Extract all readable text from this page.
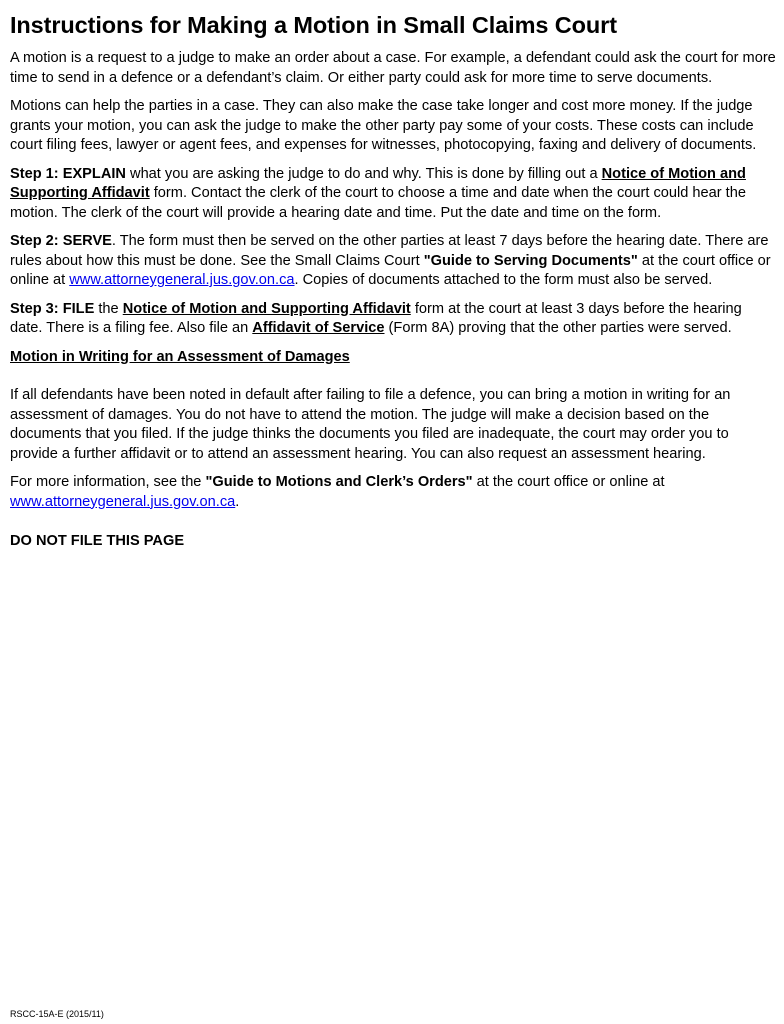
Instructions for Making a Motion in Small Claims Court

A motion is a request to a judge to make an order about a case. For example, a defendant could ask the court for more time to send in a defence or a defendant’s claim. Or either party could ask for more time to serve documents.

Motions can help the parties in a case. They can also make the case take longer and cost more money. If the judge grants your motion, you can ask the judge to make the other party pay some of your costs. These costs can include court filing fees, lawyer or agent fees, and expenses for witnesses, photocopying, faxing and delivery of documents.

Step 1: EXPLAIN what you are asking the judge to do and why. This is done by filling out a Notice of Motion and Supporting Affidavit form. Contact the clerk of the court to choose a time and date when the court could hear the motion. The clerk of the court will provide a hearing date and time. Put the date and time on the form.

Step 2: SERVE. The form must then be served on the other parties at least 7 days before the hearing date. There are rules about how this must be done. See the Small Claims Court "Guide to Serving Documents" at the court office or online at www.attorneygeneral.jus.gov.on.ca. Copies of documents attached to the form must also be served.

Step 3: FILE the Notice of Motion and Supporting Affidavit form at the court at least 3 days before the hearing date. There is a filing fee. Also file an Affidavit of Service (Form 8A) proving that the other parties were served.

Motion in Writing for an Assessment of Damages

If all defendants have been noted in default after failing to file a defence, you can bring a motion in writing for an assessment of damages. You do not have to attend the motion. The judge will make a decision based on the documents that you filed. If the judge thinks the documents you filed are inadequate, the court may order you to provide a further affidavit or to attend an assessment hearing. You can also request an assessment hearing.

For more information, see the "Guide to Motions and Clerk’s Orders" at the court office or online at
www.attorneygeneral.jus.gov.on.ca.

DO NOT FILE THIS PAGE

RSCC-15A-E (2015/11)
